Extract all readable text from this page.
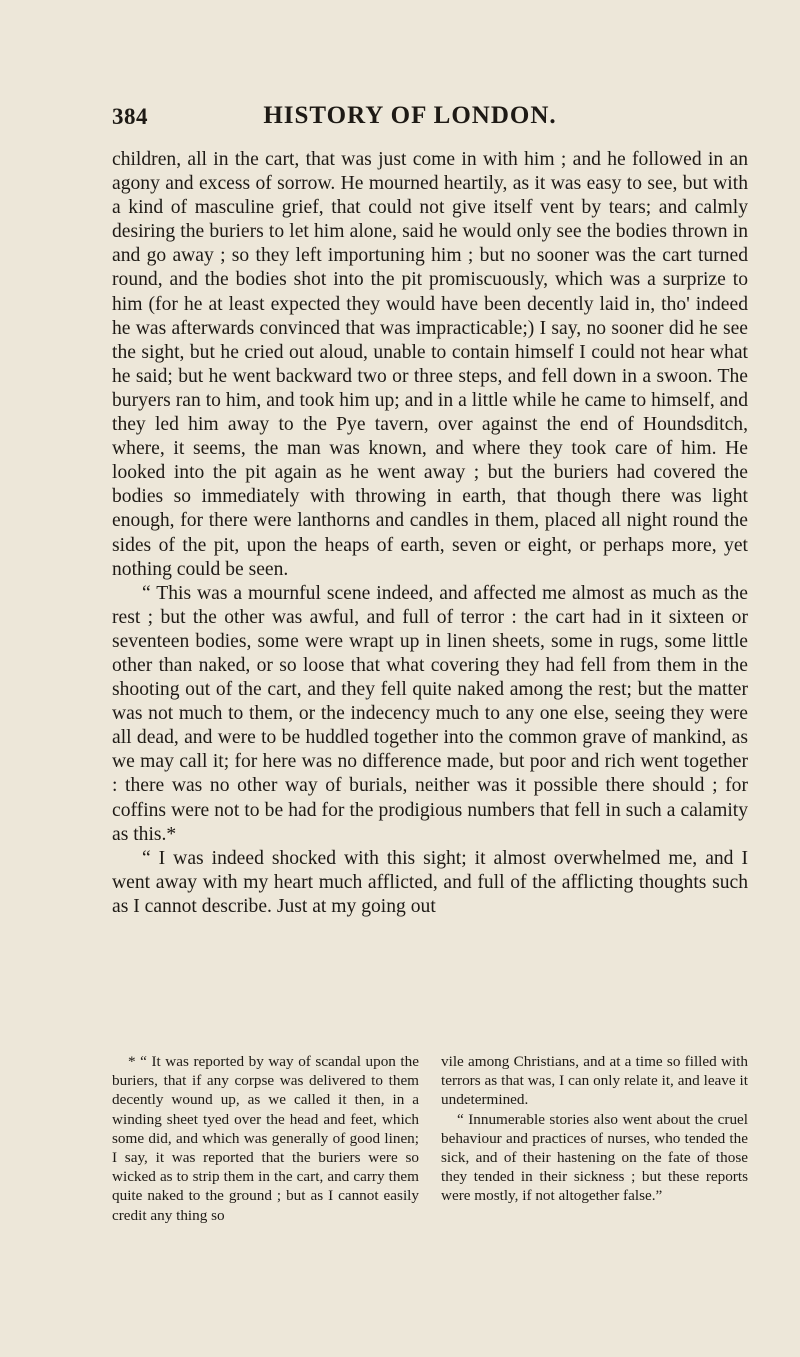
384	HISTORY OF LONDON.

children, all in the cart, that was just come in with him ; and he followed in an agony and excess of sorrow. He mourned heartily, as it was easy to see, but with a kind of masculine grief, that could not give itself vent by tears; and calmly desiring the buriers to let him alone, said he would only see the bodies thrown in and go away ; so they left importuning him ; but no sooner was the cart turned round, and the bodies shot into the pit promiscuously, which was a surprize to him (for he at least expected they would have been decently laid in, tho' indeed he was afterwards convinced that was impracticable;) I say, no sooner did he see the sight, but he cried out aloud, unable to contain himself I could not hear what he said; but he went backward two or three steps, and fell down in a swoon. The buryers ran to him, and took him up; and in a little while he came to himself, and they led him away to the Pye tavern, over against the end of Houndsditch, where, it seems, the man was known, and where they took care of him. He looked into the pit again as he went away ; but the buriers had covered the bodies so immediately with throwing in earth, that though there was light enough, for there were lanthorns and candles in them, placed all night round the sides of the pit, upon the heaps of earth, seven or eight, or perhaps more, yet nothing could be seen.

“ This was a mournful scene indeed, and affected me almost as much as the rest ; but the other was awful, and full of terror : the cart had in it sixteen or seventeen bodies, some were wrapt up in linen sheets, some in rugs, some little other than naked, or so loose that what covering they had fell from them in the shooting out of the cart, and they fell quite naked among the rest; but the matter was not much to them, or the indecency much to any one else, seeing they were all dead, and were to be huddled together into the common grave of mankind, as we may call it; for here was no difference made, but poor and rich went together : there was no other way of burials, neither was it possible there should ; for coffins were not to be had for the prodigious numbers that fell in such a calamity as this.*

“ I was indeed shocked with this sight; it almost overwhelmed me, and I went away with my heart much afflicted, and full of the afflicting thoughts such as I cannot describe. Just at my going out

* “ It was reported by way of scandal upon the buriers, that if any corpse was delivered to them decently wound up, as we called it then, in a winding sheet tyed over the head and feet, which some did, and which was generally of good linen; I say, it was reported that the buriers were so wicked as to strip them in the cart, and carry them quite naked to the ground ; but as I cannot easily credit any thing so

vile among Christians, and at a time so filled with terrors as that was, I can only relate it, and leave it undetermined.

“ Innumerable stories also went about the cruel behaviour and practices of nurses, who tended the sick, and of their hastening on the fate of those they tended in their sickness ; but these reports were mostly, if not altogether false.”
